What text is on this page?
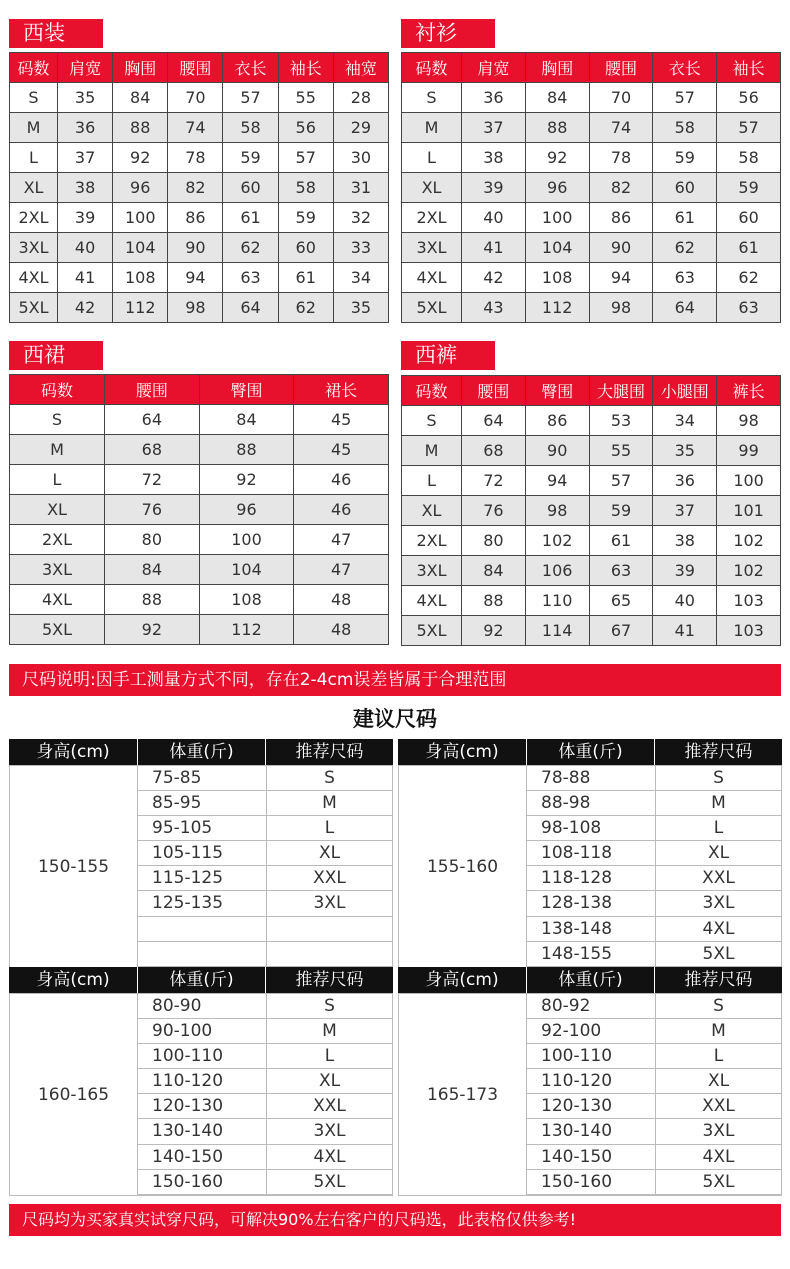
西装
码数	肩宽	胸围	腰围	衣长	袖长	袖宽
S	35	84	70	57	55	28
M	36	88	74	58	56	29
L	37	92	78	59	57	30
XL	38	96	82	60	58	31
2XL	39	100	86	61	59	32
3XL	40	104	90	62	60	33
4XL	41	108	94	63	61	34
5XL	42	112	98	64	62	35
衬衫
码数	肩宽	胸围	腰围	衣长	袖长
S	36	84	70	57	56
M	37	88	74	58	57
L	38	92	78	59	58
XL	39	96	82	60	59
2XL	40	100	86	61	60
3XL	41	104	90	62	61
4XL	42	108	94	63	62
5XL	43	112	98	64	63
西裙
码数	腰围	臀围	裙长
S	64	84	45
M	68	88	45
L	72	92	46
XL	76	96	46
2XL	80	100	47
3XL	84	104	47
4XL	88	108	48
5XL	92	112	48
西裤
码数	腰围	臀围	大腿围	小腿围	裤长
S	64	86	53	34	98
M	68	90	55	35	99
L	72	94	57	36	100
XL	76	98	59	37	101
2XL	80	102	61	38	102
3XL	84	106	63	39	102
4XL	88	110	65	40	103
5XL	92	114	67	41	103
尺码说明:因手工测量方式不同，存在2-4cm误差皆属于合理范围
建议尺码
身高(cm)	体重(斤)	推荐尺码
150-155
75-85	S
85-95	M
95-105	L
105-115	XL
115-125	XXL
125-135	3XL
身高(cm)	体重(斤)	推荐尺码
155-160
78-88	S
88-98	M
98-108	L
108-118	XL
118-128	XXL
128-138	3XL
138-148	4XL
148-155	5XL
身高(cm)	体重(斤)	推荐尺码
160-165
80-90	S
90-100	M
100-110	L
110-120	XL
120-130	XXL
130-140	3XL
140-150	4XL
150-160	5XL
身高(cm)	体重(斤)	推荐尺码
165-173
80-92	S
92-100	M
100-110	L
110-120	XL
120-130	XXL
130-140	3XL
140-150	4XL
150-160	5XL
尺码均为买家真实试穿尺码，可解决90%左右客户的尺码选，此表格仅供参考!
